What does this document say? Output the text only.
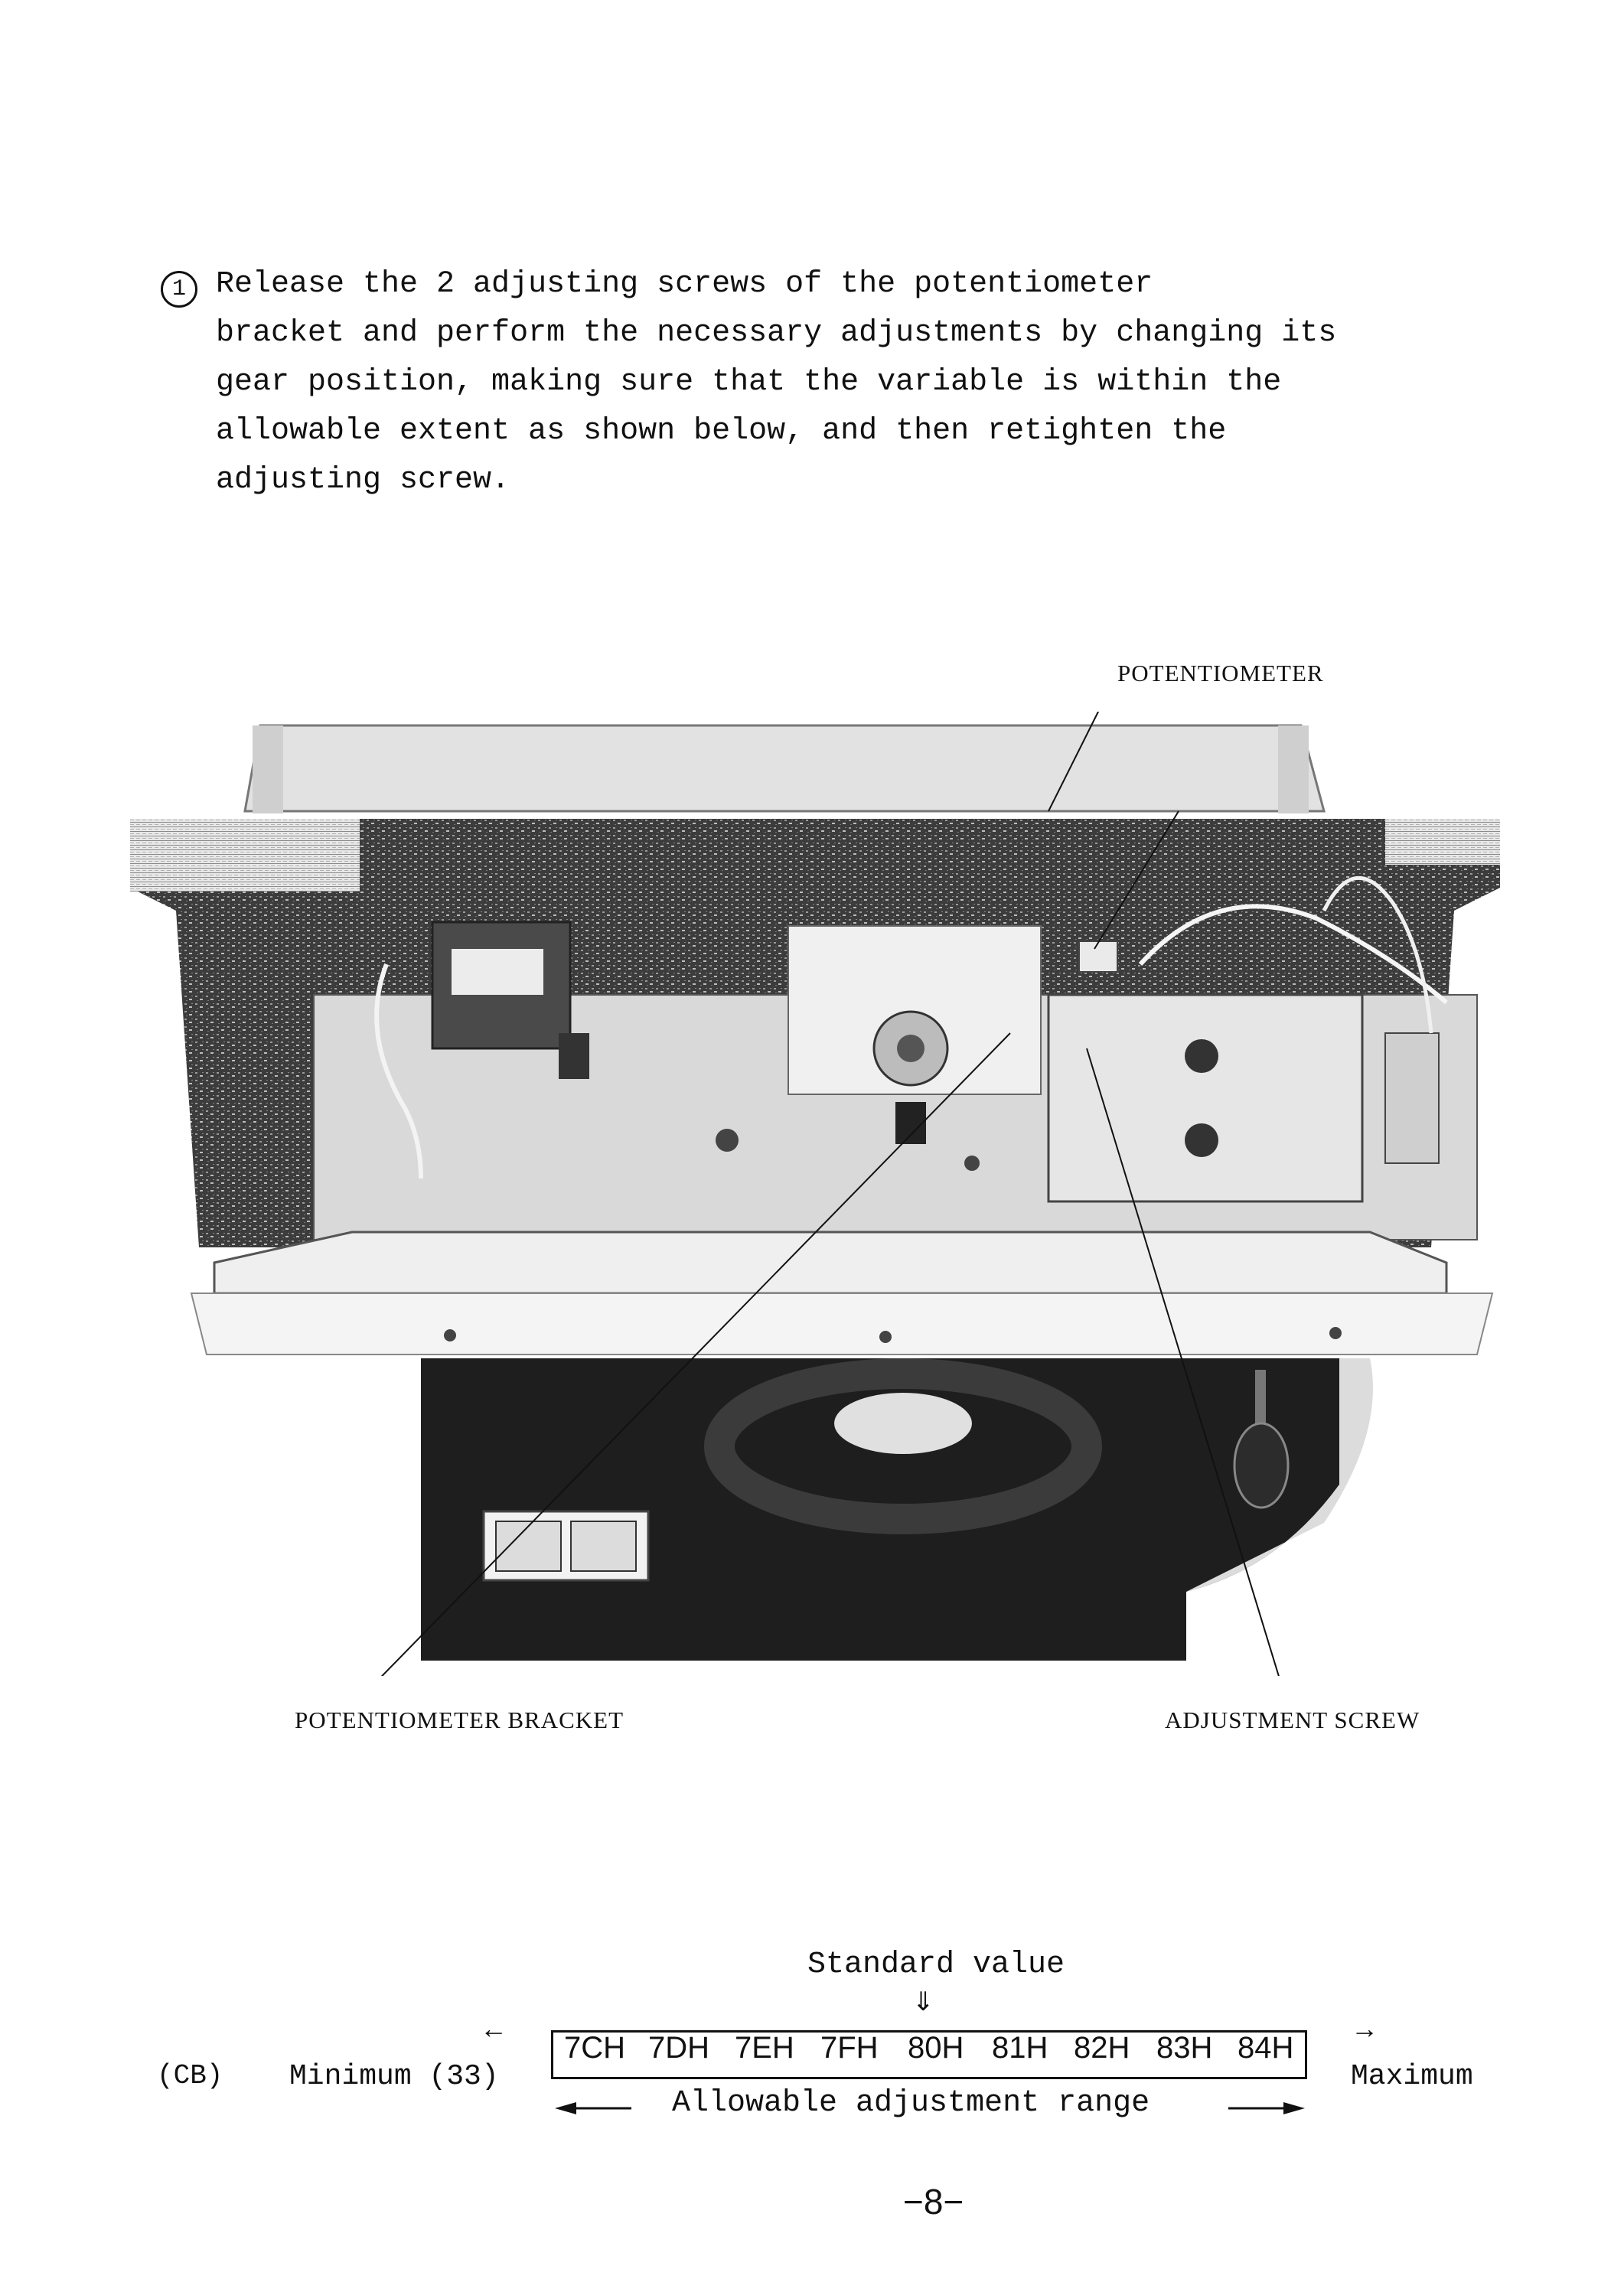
1 Release the 2 adjusting screws of the potentiometer
bracket and perform the necessary adjustments by changing its
gear position, making sure that the variable is within the
allowable extent as shown below, and then retighten the
adjusting screw.
POTENTIOMETER
POTENTIOMETER BRACKET	ADJUSTMENT SCREW
Standard value
⇓
(CB) Minimum (33)
←	→
Maximum
7CH 7DH 7EH 7FH 80H 81H 82H 83H 84H
Allowable adjustment range
−8−
